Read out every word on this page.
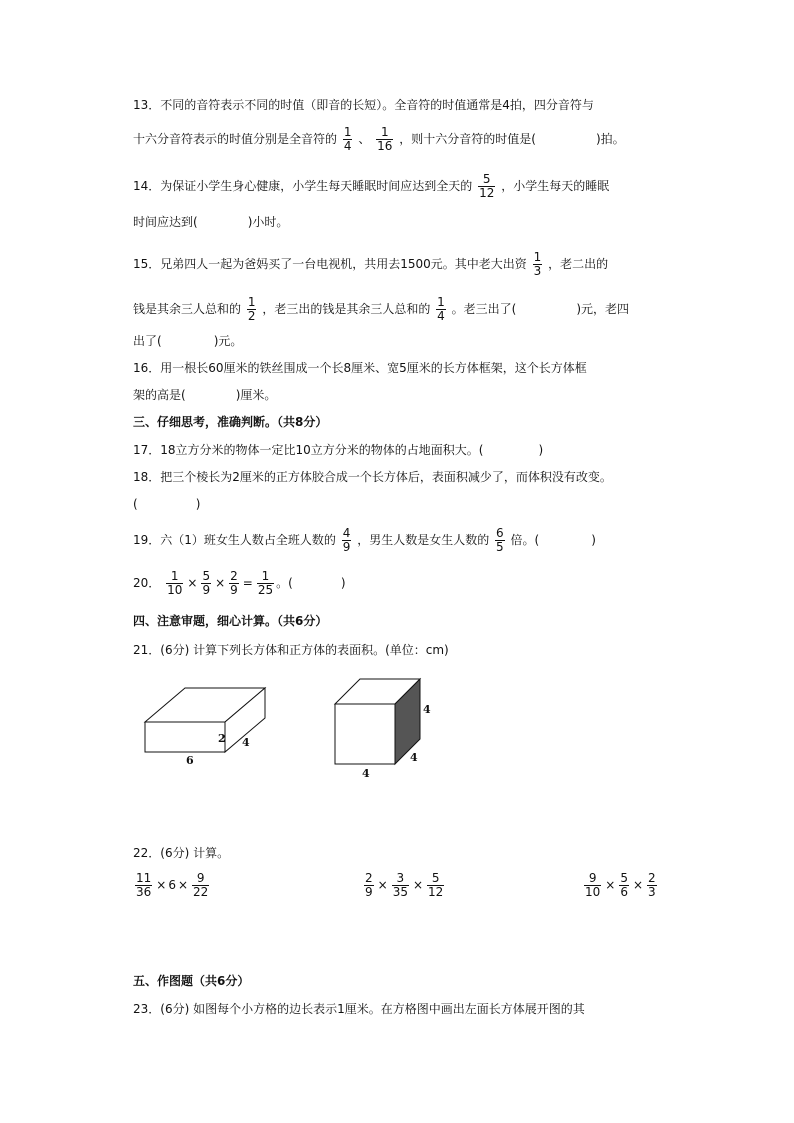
13．不同的音符表示不同的时值（即音的长短）。全音符的时值通常是4拍，四分音符与
十六分音符表示的时值分别是全音符的 $\frac{1}{4}$ 、 $\frac{1}{16}$ ，则十六分音符的时值是(	)拍。
14．为保证小学生身心健康，小学生每天睡眠时间应达到全天的 $\frac{5}{12}$ ，小学生每天的睡眠
时间应达到(	)小时。
15．兄弟四人一起为爸妈买了一台电视机，共用去1500元。其中老大出资 $\frac{1}{3}$ ，老二出的
钱是其余三人总和的 $\frac{1}{2}$ ，老三出的钱是其余三人总和的 $\frac{1}{4}$ 。老三出了(	)元，老四
出了(	)元。
16．用一根长60厘米的铁丝围成一个长8厘米、宽5厘米的长方体框架，这个长方体框
架的高是(	)厘米。
三、仔细思考，准确判断。（共8分）
17．18立方分米的物体一定比10立方分米的物体的占地面积大。(	)
18．把三个棱长为2厘米的正方体胶合成一个长方体后，表面积减少了，而体积没有改变。
(	)
19．六（1）班女生人数占全班人数的 $\frac{4}{9}$ ，男生人数是女生人数的 $\frac{6}{5}$ 倍。(	)
20． $\frac{1}{10} \times \frac{5}{9} \times \frac{2}{9} = \frac{1}{25}$ 。(	)
四、注意审题，细心计算。（共6分）
21．(6分) 计算下列长方体和正方体的表面积。(单位：cm)
2 4
6
4
4
4
22．(6分) 计算。
$\frac{11}{36} \times 6 \times \frac{9}{22}$	$\frac{2}{9} \times \frac{3}{35} \times \frac{5}{12}$	$\frac{9}{10} \times \frac{5}{6} \times \frac{2}{3}$
五、作图题（共6分）
23．(6分) 如图每个小方格的边长表示1厘米。在方格图中画出左面长方体展开图的其
